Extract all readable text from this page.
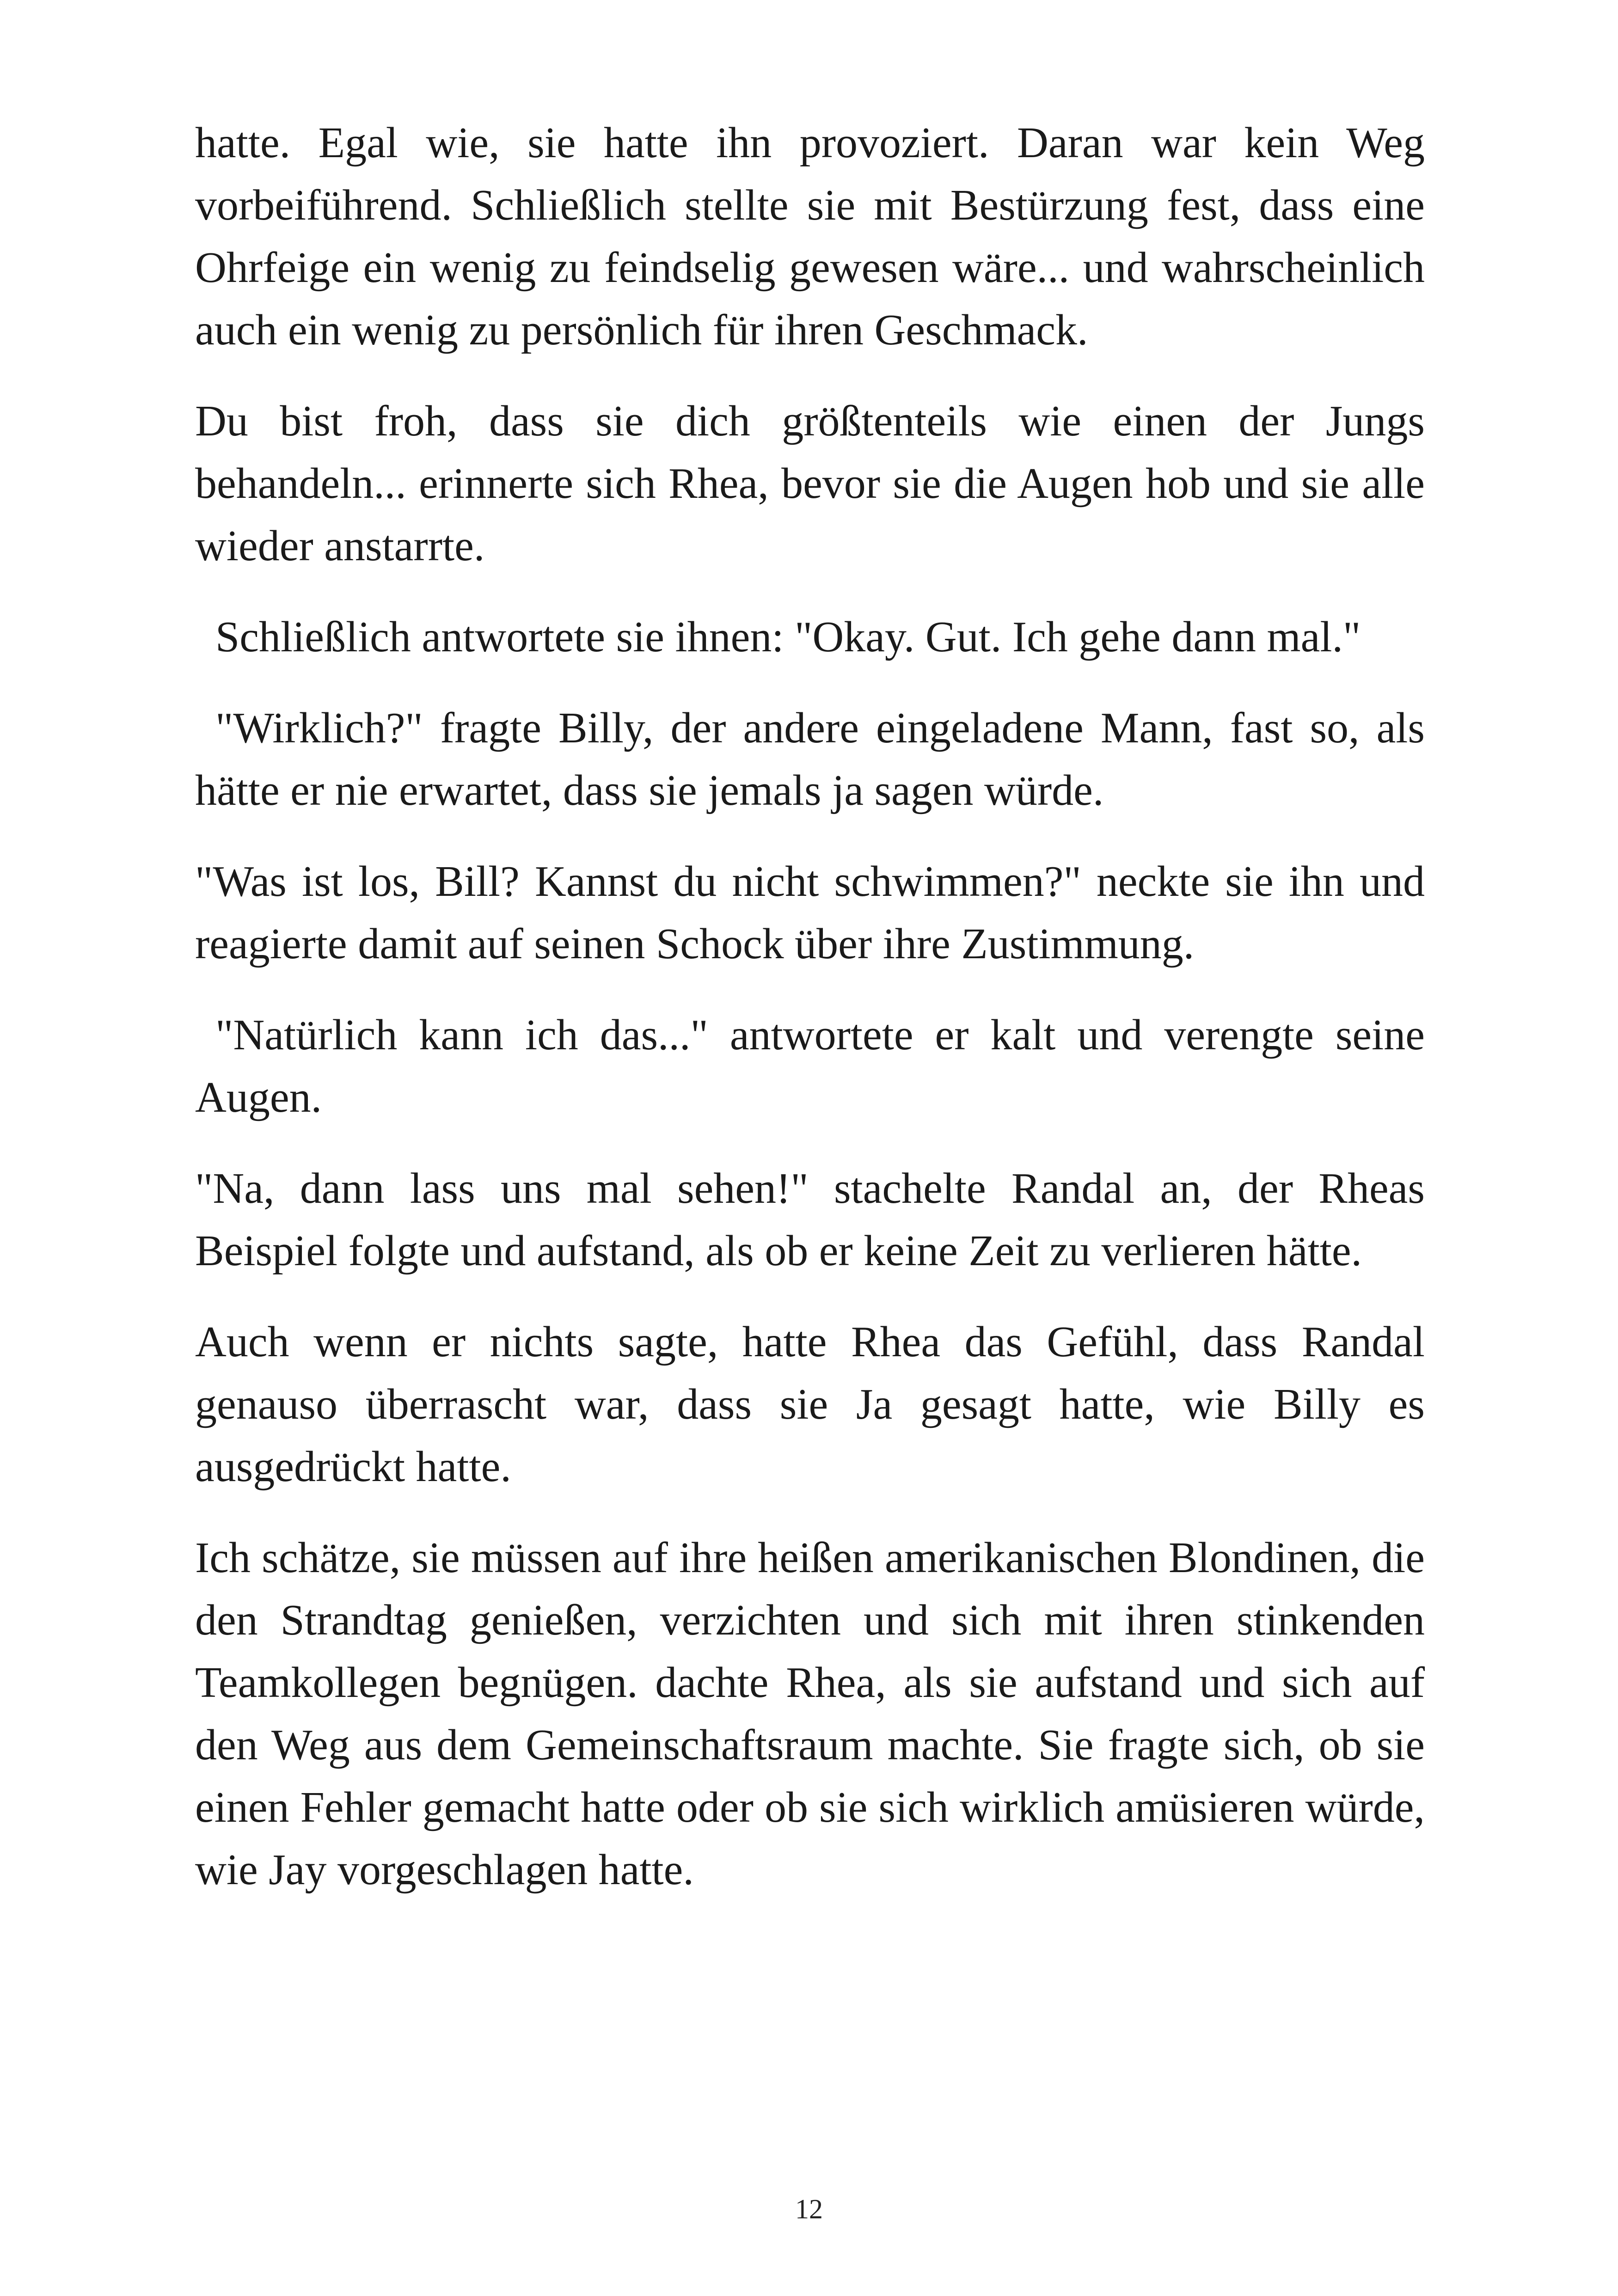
hatte. Egal wie, sie hatte ihn provoziert. Daran war kein Weg vorbeiführend. Schließlich stellte sie mit Bestürzung fest, dass eine Ohrfeige ein wenig zu feindselig gewesen wäre... und wahrscheinlich auch ein wenig zu persönlich für ihren Geschmack.

Du bist froh, dass sie dich größtenteils wie einen der Jungs behandeln... erinnerte sich Rhea, bevor sie die Augen hob und sie alle wieder anstarrte.

Schließlich antwortete sie ihnen: "Okay. Gut. Ich gehe dann mal."

"Wirklich?" fragte Billy, der andere eingeladene Mann, fast so, als hätte er nie erwartet, dass sie jemals ja sagen würde.

"Was ist los, Bill? Kannst du nicht schwimmen?" neckte sie ihn und reagierte damit auf seinen Schock über ihre Zustimmung.

"Natürlich kann ich das..." antwortete er kalt und verengte seine Augen.

"Na, dann lass uns mal sehen!" stachelte Randal an, der Rheas Beispiel folgte und aufstand, als ob er keine Zeit zu verlieren hätte.

Auch wenn er nichts sagte, hatte Rhea das Gefühl, dass Randal genauso überrascht war, dass sie Ja gesagt hatte, wie Billy es ausgedrückt hatte.

Ich schätze, sie müssen auf ihre heißen amerikanischen Blondinen, die den Strandtag genießen, verzichten und sich mit ihren stinkenden Teamkollegen begnügen. dachte Rhea, als sie aufstand und sich auf den Weg aus dem Gemeinschaftsraum machte. Sie fragte sich, ob sie einen Fehler gemacht hatte oder ob sie sich wirklich amüsieren würde, wie Jay vorgeschlagen hatte.

12
